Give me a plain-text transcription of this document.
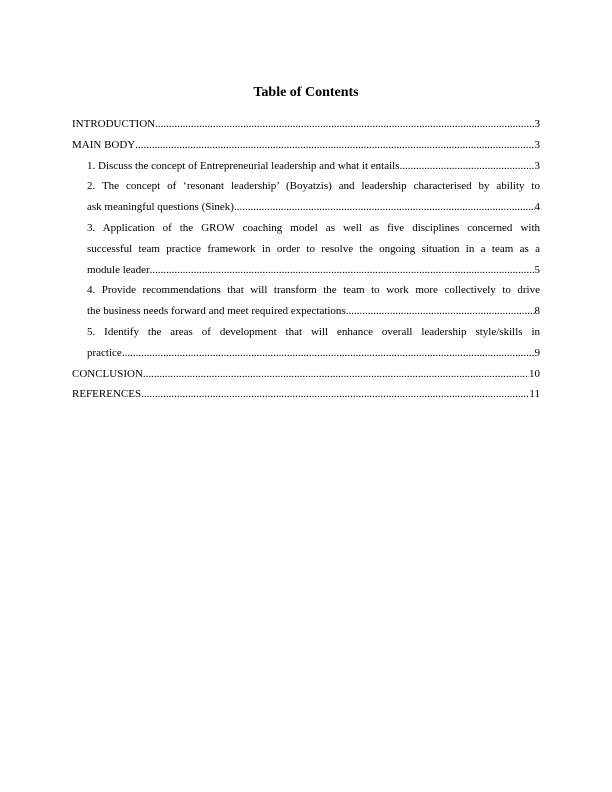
Table of Contents
INTRODUCTION .....	3
MAIN BODY .....	3
1. Discuss the concept of Entrepreneurial leadership and what it entails .....	3
2. The concept of ‘resonant leadership’ (Boyatzis) and leadership characterised by ability to
ask meaningful questions (Sinek) .....	4
3. Application of the GROW coaching model as well as five disciplines concerned with
successful team practice framework in order to resolve the ongoing situation in a team as a
module leader .....	5
4. Provide recommendations that will transform the team to work more collectively to drive
the business needs forward and meet required expectations .....	8
5. Identify the areas of development that will enhance overall leadership style/skills in
practice .....	9
CONCLUSION .....	10
REFERENCES .....	11
